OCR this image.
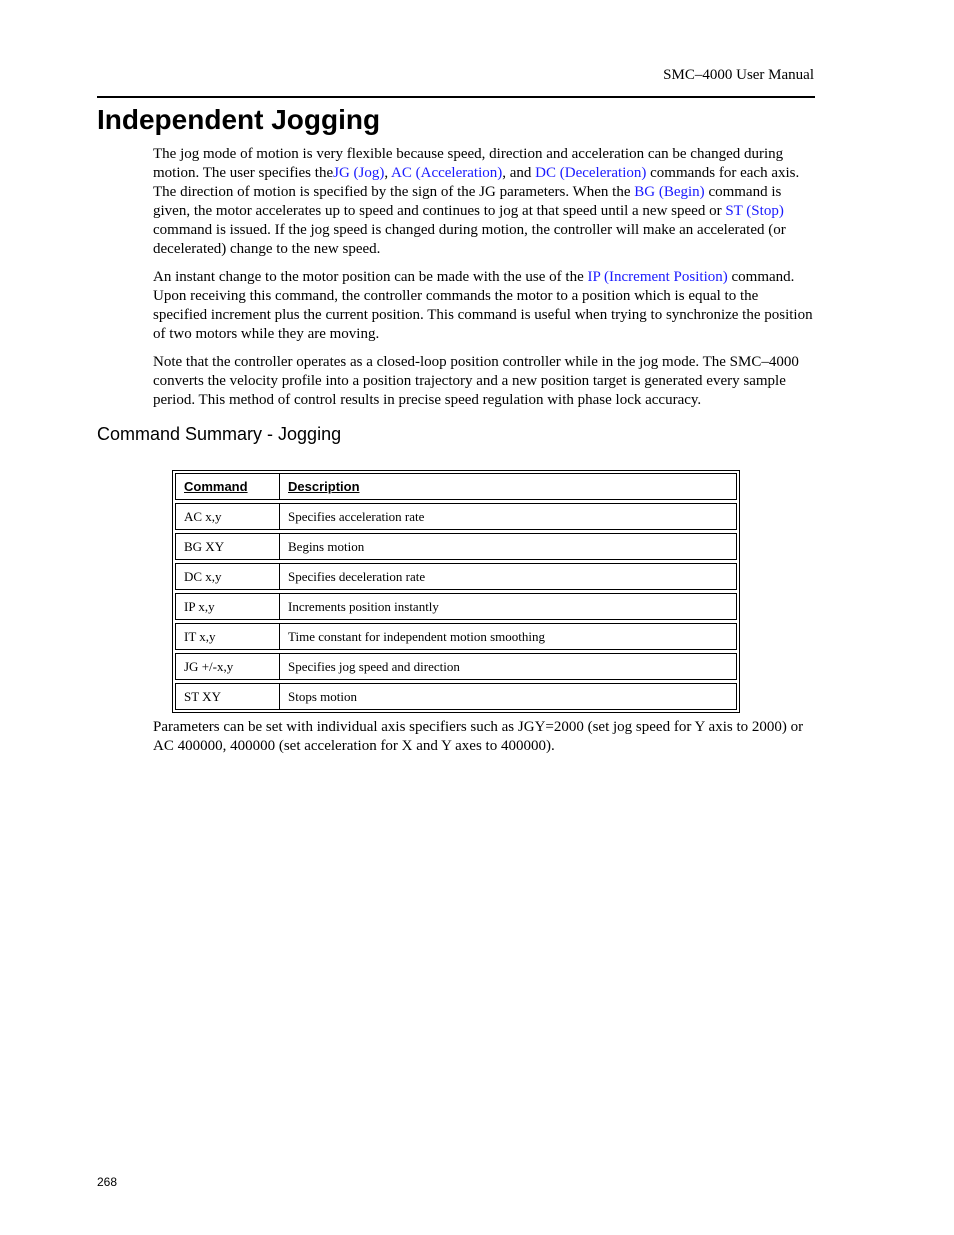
SMC–4000 User Manual
Independent Jogging

The jog mode of motion is very flexible because speed, direction and acceleration can be changed during motion. The user specifies theJG (Jog), AC (Acceleration), and DC (Deceleration) commands for each axis. The direction of motion is specified by the sign of the JG parameters. When the BG (Begin) command is given, the motor accelerates up to speed and continues to jog at that speed until a new speed or ST (Stop) command is issued. If the jog speed is changed during motion, the controller will make an accelerated (or decelerated) change to the new speed.

An instant change to the motor position can be made with the use of the IP (Increment Position) command. Upon receiving this command, the controller commands the motor to a position which is equal to the specified increment plus the current position. This command is useful when trying to synchronize the position of two motors while they are moving.

Note that the controller operates as a closed-loop position controller while in the jog mode. The SMC–4000 converts the velocity profile into a position trajectory and a new position target is generated every sample period. This method of control results in precise speed regulation with phase lock accuracy.

Command Summary - Jogging
Command	Description
AC x,y	Specifies acceleration rate
BG XY	Begins motion
DC x,y	Specifies deceleration rate
IP x,y	Increments position instantly
IT x,y	Time constant for independent motion smoothing
JG +/-x,y	Specifies jog speed and direction
ST XY	Stops motion

Parameters can be set with individual axis specifiers such as JGY=2000 (set jog speed for Y axis to 2000) or AC 400000, 400000 (set acceleration for X and Y axes to 400000).

268
